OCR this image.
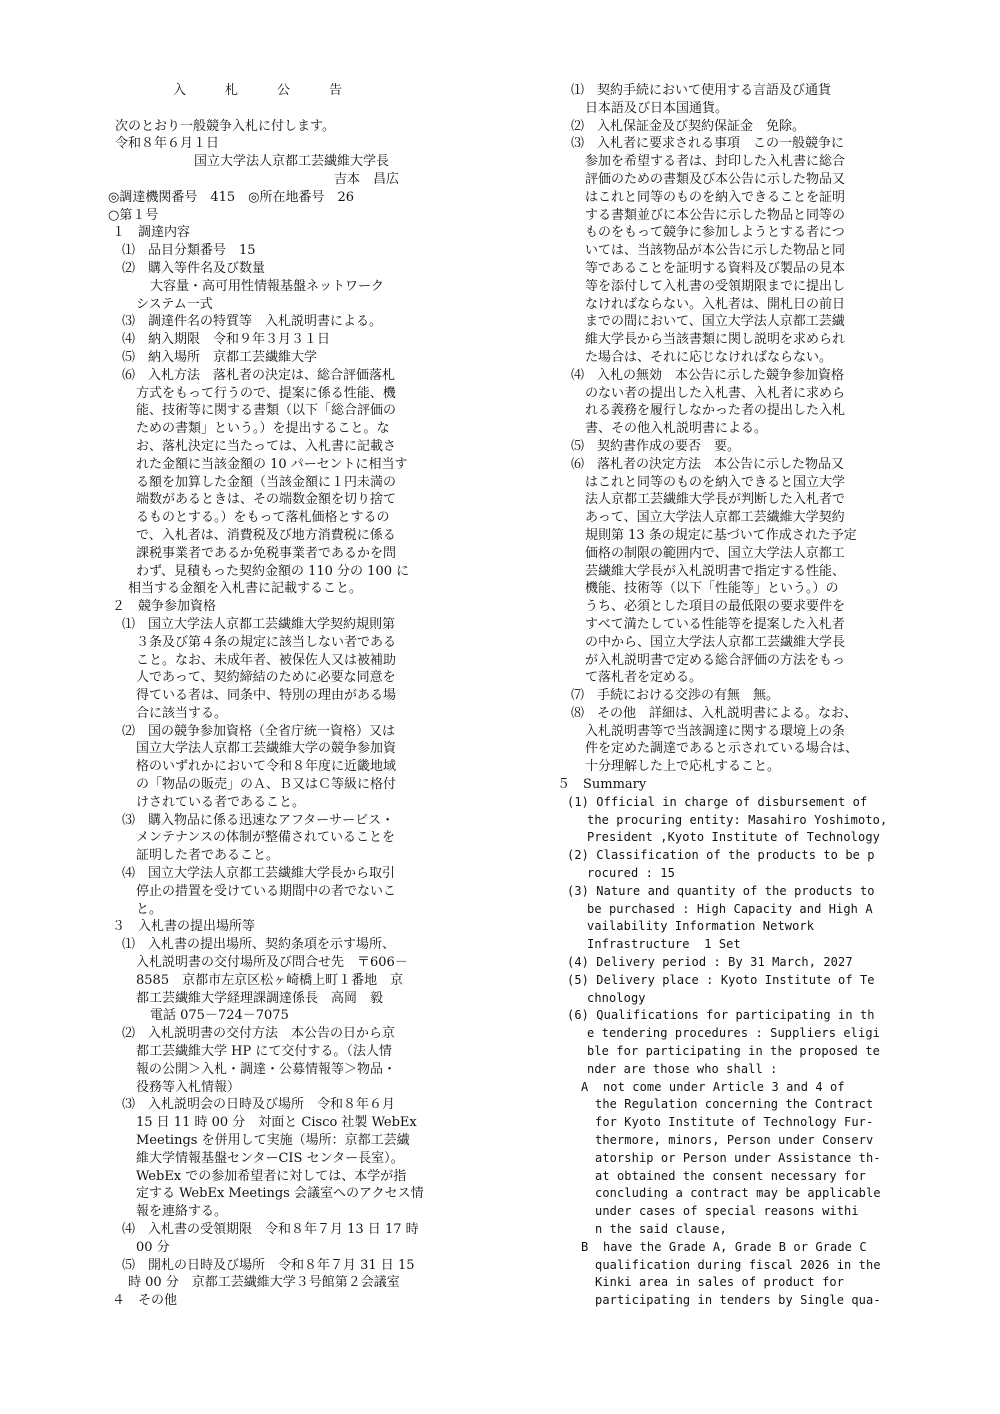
　　　　　入　　　札　　　公　　　告
次のとおり一般競争入札に付します。
令和８年６月１日
国立大学法人京都工芸繊維大学長
吉本　昌広
◎調達機関番号　415　◎所在地番号　26
○第１号
１　調達内容
⑴　品目分類番号　15
⑵　購入等件名及び数量
大容量・高可用性情報基盤ネットワーク
システム一式
⑶　調達件名の特質等　入札説明書による。
⑷　納入期限　令和９年３月３１日
⑸　納入場所　京都工芸繊維大学
⑹　入札方法　落札者の決定は、総合評価落札
方式をもって行うので、提案に係る性能、機
能、技術等に関する書類（以下「総合評価の
ための書類」という。）を提出すること。な
お、落札決定に当たっては、入札書に記載さ
れた金額に当該金額の 10 パーセントに相当す
る額を加算した金額（当該金額に１円未満の
端数があるときは、その端数金額を切り捨て
るものとする。）をもって落札価格とするの
で、入札者は、消費税及び地方消費税に係る
課税事業者であるか免税事業者であるかを問
わず、見積もった契約金額の 110 分の 100 に
相当する金額を入札書に記載すること。
２　競争参加資格
⑴　国立大学法人京都工芸繊維大学契約規則第
３条及び第４条の規定に該当しない者である
こと。なお、未成年者、被保佐人又は被補助
人であって、契約締結のために必要な同意を
得ている者は、同条中、特別の理由がある場
合に該当する。
⑵　国の競争参加資格（全省庁統一資格）又は
国立大学法人京都工芸繊維大学の競争参加資
格のいずれかにおいて令和８年度に近畿地域
の「物品の販売」のＡ、Ｂ又はＣ等級に格付
けされている者であること。
⑶　購入物品に係る迅速なアフターサービス・
メンテナンスの体制が整備されていることを
証明した者であること。
⑷　国立大学法人京都工芸繊維大学長から取引
停止の措置を受けている期間中の者でないこ
と。
３　入札書の提出場所等
⑴　入札書の提出場所、契約条項を示す場所、
入札説明書の交付場所及び問合せ先　〒606－
8585　京都市左京区松ヶ崎橋上町１番地　京
都工芸繊維大学経理課調達係長　高岡　毅
電話 075－724－7075
⑵　入札説明書の交付方法　本公告の日から京
都工芸繊維大学 HP にて交付する。（法人情
報の公開＞入札・調達・公募情報等＞物品・
役務等入札情報）
⑶　入札説明会の日時及び場所　令和８年６月
15 日 11 時 00 分　対面と Cisco 社製 WebEx
Meetings を併用して実施（場所：京都工芸繊
維大学情報基盤センターCIS センター長室）。
WebEx での参加希望者に対しては、本学が指
定する WebEx Meetings 会議室へのアクセス情
報を連絡する。
⑷　入札書の受領期限　令和８年７月 13 日 17 時
00 分
⑸　開札の日時及び場所　令和８年７月 31 日 15
時 00 分　京都工芸繊維大学３号館第２会議室
４　その他
⑴　契約手続において使用する言語及び通貨
日本語及び日本国通貨。
⑵　入札保証金及び契約保証金　免除。
⑶　入札者に要求される事項　この一般競争に
参加を希望する者は、封印した入札書に総合
評価のための書類及び本公告に示した物品又
はこれと同等のものを納入できることを証明
する書類並びに本公告に示した物品と同等の
ものをもって競争に参加しようとする者につ
いては、当該物品が本公告に示した物品と同
等であることを証明する資料及び製品の見本
等を添付して入札書の受領期限までに提出し
なければならない。入札者は、開札日の前日
までの間において、国立大学法人京都工芸繊
維大学長から当該書類に関し説明を求められ
た場合は、それに応じなければならない。
⑷　入札の無効　本公告に示した競争参加資格
のない者の提出した入札書、入札者に求めら
れる義務を履行しなかった者の提出した入札
書、その他入札説明書による。
⑸　契約書作成の要否　要。
⑹　落札者の決定方法　本公告に示した物品又
はこれと同等のものを納入できると国立大学
法人京都工芸繊維大学長が判断した入札者で
あって、国立大学法人京都工芸繊維大学契約
規則第 13 条の規定に基づいて作成された予定
価格の制限の範囲内で、国立大学法人京都工
芸繊維大学長が入札説明書で指定する性能、
機能、技術等（以下「性能等」という。）の
うち、必須とした項目の最低限の要求要件を
すべて満たしている性能等を提案した入札者
の中から、国立大学法人京都工芸繊維大学長
が入札説明書で定める総合評価の方法をもっ
て落札者を定める。
⑺　手続における交渉の有無　無。
⑻　その他　詳細は、入札説明書による。なお、
入札説明書等で当該調達に関する環境上の条
件を定めた調達であると示されている場合は、
十分理解した上で応札すること。
５　Summary
(1) Official in charge of disbursement of
the procuring entity: Masahiro Yoshimoto,
President ,Kyoto Institute of Technology
(2) Classification of the products to be p
rocured : 15
(3) Nature and quantity of the products to
be purchased : High Capacity and High A
vailability Information Network
Infrastructure  1 Set
(4) Delivery period : By 31 March, 2027
(5) Delivery place : Kyoto Institute of Te
chnology
(6) Qualifications for participating in th
e tendering procedures : Suppliers eligi
ble for participating in the proposed te
nder are those who shall :
A  not come under Article 3 and 4 of
the Regulation concerning the Contract
for Kyoto Institute of Technology Fur-
thermore, minors, Person under Conserv
atorship or Person under Assistance th-
at obtained the consent necessary for
concluding a contract may be applicable
under cases of special reasons withi
n the said clause,
B  have the Grade A, Grade B or Grade C
qualification during fiscal 2026 in the
Kinki area in sales of product for
participating in tenders by Single qua-
